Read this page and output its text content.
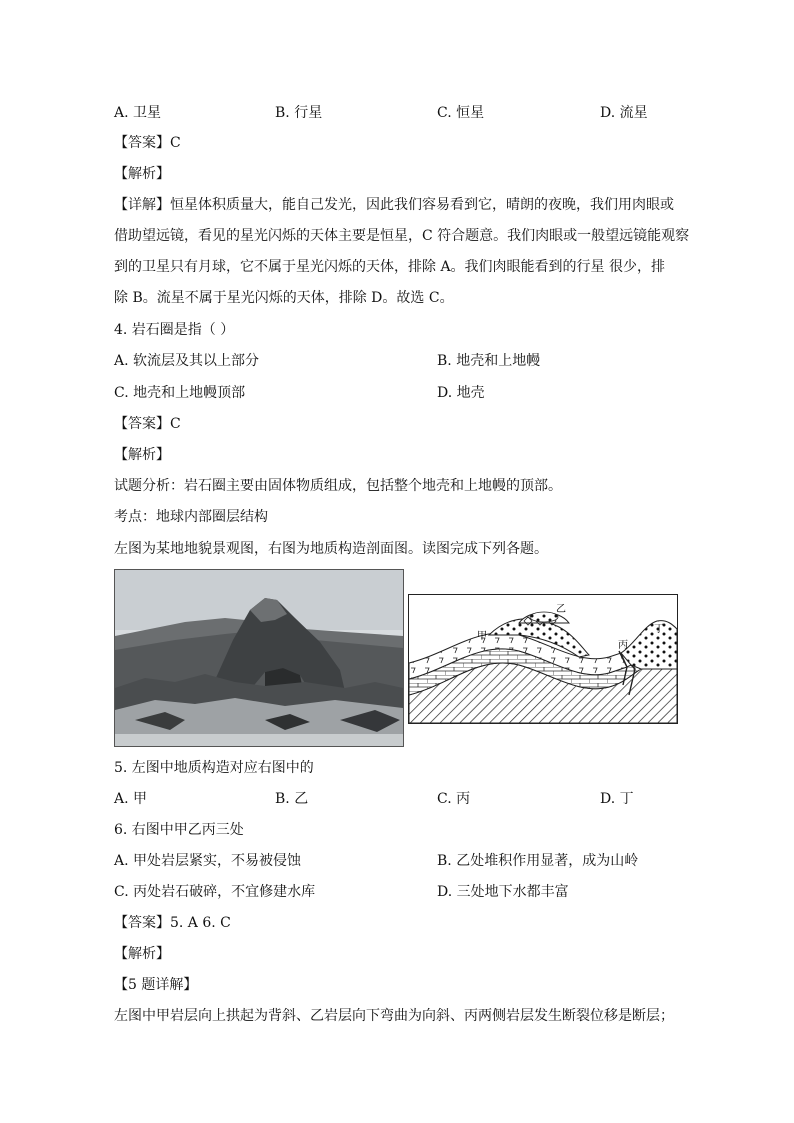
A. 卫星	B. 行星	C. 恒星	D. 流星
【答案】C
【解析】
【详解】恒星体积质量大，能自己发光，因此我们容易看到它，晴朗的夜晚，我们用肉眼或
借助望远镜，看见的星光闪烁的天体主要是恒星，C 符合题意。我们肉眼或一般望远镜能观察
到的卫星只有月球，它不属于星光闪烁的天体，排除 A。我们肉眼能看到的行星 很少，排
除 B。流星不属于星光闪烁的天体，排除 D。故选 C。
4. 岩石圈是指（ ）
A. 软流层及其以上部分	B. 地壳和上地幔
C. 地壳和上地幔顶部	D. 地壳
【答案】C
【解析】
试题分析：岩石圈主要由固体物质组成，包括整个地壳和上地幔的顶部。
考点：地球内部圈层结构
左图为某地地貌景观图，右图为地质构造剖面图。读图完成下列各题。
甲
乙
丙
丁
5. 左图中地质构造对应右图中的
A. 甲	B. 乙	C. 丙	D. 丁
6. 右图中甲乙丙三处
A. 甲处岩层紧实，不易被侵蚀	B. 乙处堆积作用显著，成为山岭
C. 丙处岩石破碎，不宜修建水库	D. 三处地下水都丰富
【答案】5. A 6. C
【解析】
【5 题详解】
左图中甲岩层向上拱起为背斜、乙岩层向下弯曲为向斜、丙两侧岩层发生断裂位移是断层；
